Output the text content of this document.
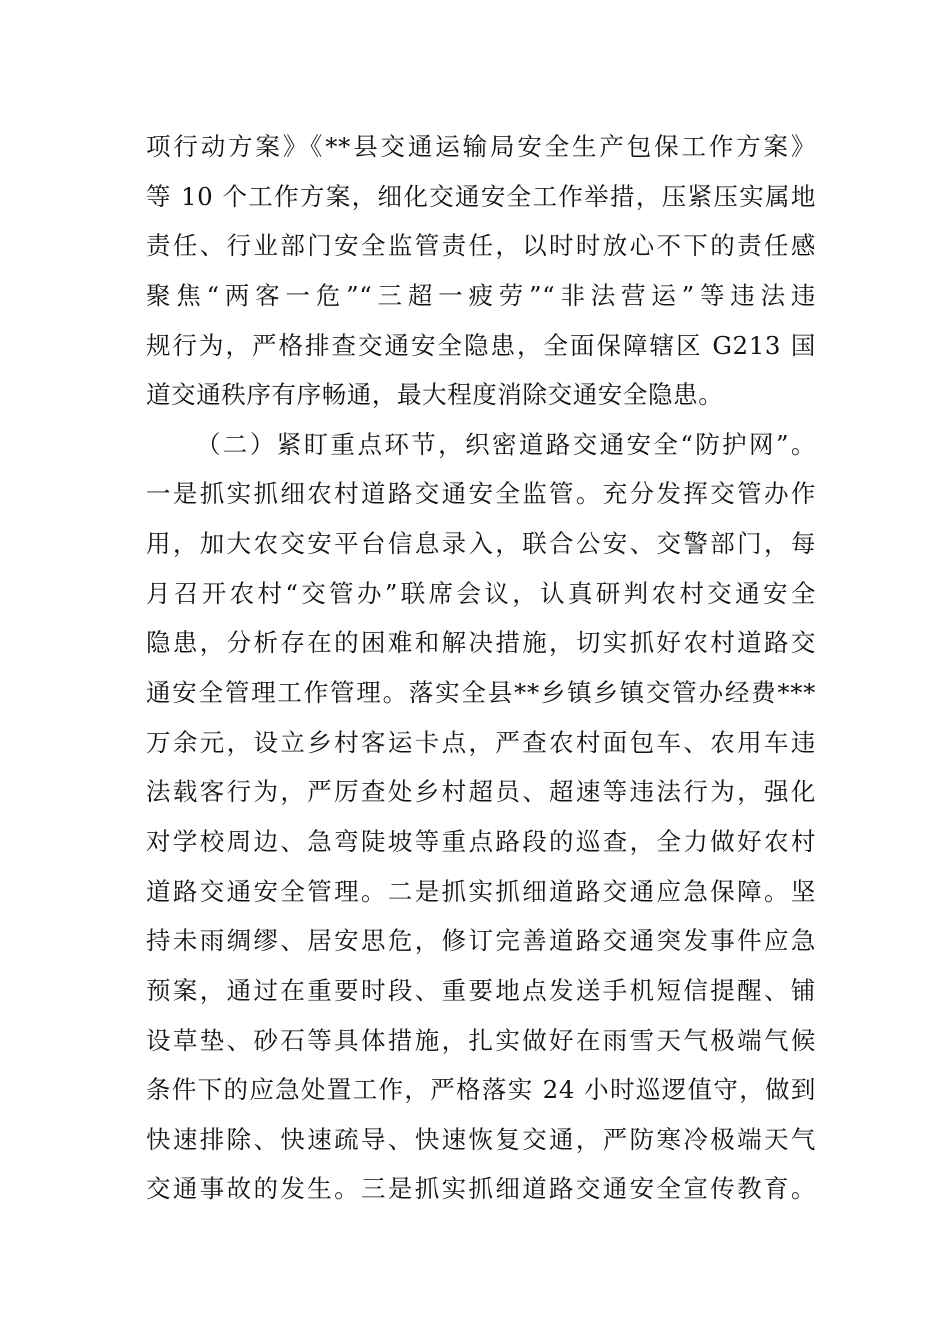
项行动方案》《**县交通运输局安全生产包保工作方案》
等 10 个工作方案，细化交通安全工作举措，压紧压实属地
责任、行业部门安全监管责任，以时时放心不下的责任感
聚焦“两客一危”“三超一疲劳”“非法营运”等违法违
规行为，严格排查交通安全隐患，全面保障辖区 G213 国
道交通秩序有序畅通，最大程度消除交通安全隐患。
（二）紧盯重点环节，织密道路交通安全“防护网”。
一是抓实抓细农村道路交通安全监管。充分发挥交管办作
用，加大农交安平台信息录入，联合公安、交警部门，每
月召开农村“交管办”联席会议，认真研判农村交通安全
隐患，分析存在的困难和解决措施，切实抓好农村道路交
通安全管理工作管理。落实全县**乡镇乡镇交管办经费***
万余元，设立乡村客运卡点，严查农村面包车、农用车违
法载客行为，严厉查处乡村超员、超速等违法行为，强化
对学校周边、急弯陡坡等重点路段的巡查，全力做好农村
道路交通安全管理。二是抓实抓细道路交通应急保障。坚
持未雨绸缪、居安思危，修订完善道路交通突发事件应急
预案，通过在重要时段、重要地点发送手机短信提醒、铺
设草垫、砂石等具体措施，扎实做好在雨雪天气极端气候
条件下的应急处置工作，严格落实 24 小时巡逻值守，做到
快速排除、快速疏导、快速恢复交通，严防寒冷极端天气
交通事故的发生。三是抓实抓细道路交通安全宣传教育。
